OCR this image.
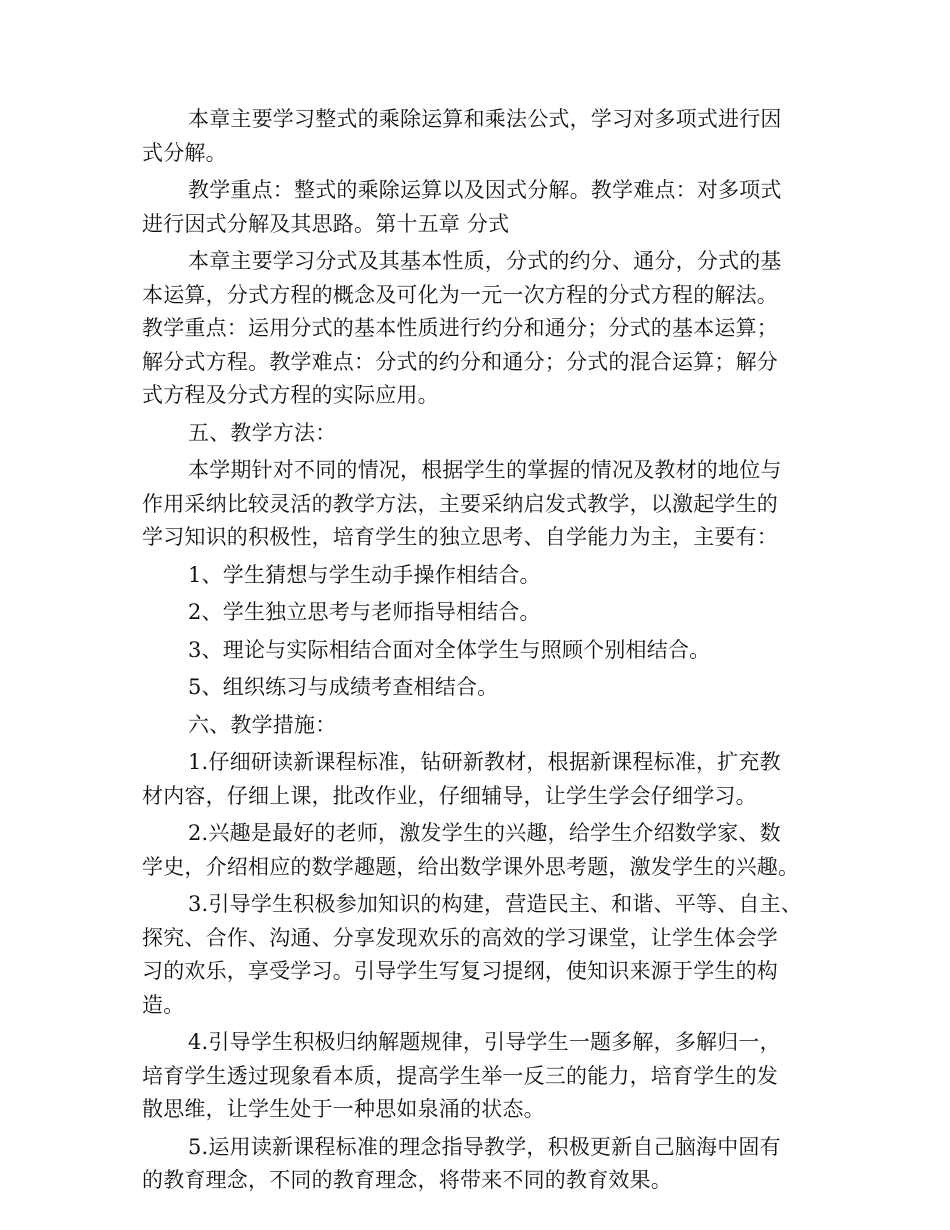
本章主要学习整式的乘除运算和乘法公式，学习对多项式进行因
式分解。
教学重点：整式的乘除运算以及因式分解。教学难点：对多项式
进行因式分解及其思路。第十五章 分式
本章主要学习分式及其基本性质，分式的约分、通分，分式的基
本运算，分式方程的概念及可化为一元一次方程的分式方程的解法。
教学重点：运用分式的基本性质进行约分和通分；分式的基本运算；
解分式方程。教学难点：分式的约分和通分；分式的混合运算；解分
式方程及分式方程的实际应用。
五、教学方法：
本学期针对不同的情况，根据学生的掌握的情况及教材的地位与
作用采纳比较灵活的教学方法，主要采纳启发式教学，以激起学生的
学习知识的积极性，培育学生的独立思考、自学能力为主，主要有：
1、学生猜想与学生动手操作相结合。
2、学生独立思考与老师指导相结合。
3、理论与实际相结合面对全体学生与照顾个别相结合。
5、组织练习与成绩考查相结合。
六、教学措施：
1.仔细研读新课程标准，钻研新教材，根据新课程标准，扩充教
材内容，仔细上课，批改作业，仔细辅导，让学生学会仔细学习。
2.兴趣是最好的老师，激发学生的兴趣，给学生介绍数学家、数
学史，介绍相应的数学趣题，给出数学课外思考题，激发学生的兴趣。
3.引导学生积极参加知识的构建，营造民主、和谐、平等、自主、
探究、合作、沟通、分享发现欢乐的高效的学习课堂，让学生体会学
习的欢乐，享受学习。引导学生写复习提纲，使知识来源于学生的构
造。
4.引导学生积极归纳解题规律，引导学生一题多解，多解归一，
培育学生透过现象看本质，提高学生举一反三的能力，培育学生的发
散思维，让学生处于一种思如泉涌的状态。
5.运用读新课程标准的理念指导教学，积极更新自己脑海中固有
的教育理念，不同的教育理念，将带来不同的教育效果。
